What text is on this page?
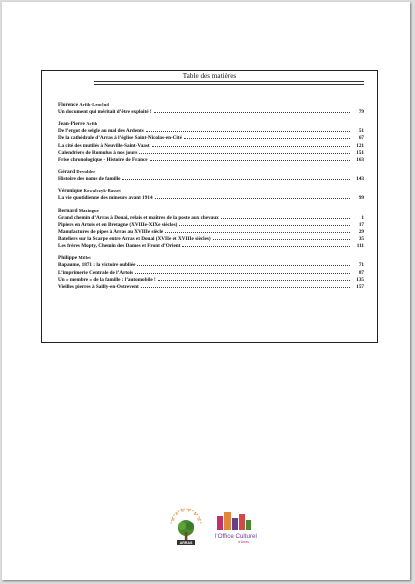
Table des matières
Florence Arfib-Lenclud
Un document qui méritait d’être exploité !	79
Jean-Pierre Arfib
De l’ergot de seigle au mal des Ardents	51
De la cathédrale d’Arras à l’église Saint-Nicolas-en-Cité	67
La cité des mutilés à Neuville-Saint-Vaast	121
Calendriers de Romulus à nos jours	151
Frise chronologique - Histoire de France	163
Gérard Devulder
Histoire des noms de famille	143
Véronique Kowalczyk-Basset
La vie quotidienne des mineurs avant 1914	99
Bernard Mazingue
Grand chemin d’Arras à Douai, relais et maîtres de la poste aux chevaux	1
Pipiers en Artois et en Bretagne (XVIIIe-XIXe siècles)	17
Manufactures de pipes à Arras au XVIIIe siècle	29
Bateliers sur la Scarpe entre Arras et Douai (XVIIe et XVIIIe siècles)	35
Les frères Mopty, Chemin des Dames et Front d’Orient	111
Philippe Millet
Bapaume, 1871 : la victoire oubliée	71
L’imprimerie Centrale de l’Artois	87
Un « membre » de la famille : l’automobile !	135
Vieilles pierres à Sailly-en-Ostrevent	157
ARRAS
E
V
E P
A
S
l’Office Culturel
d’Arras
